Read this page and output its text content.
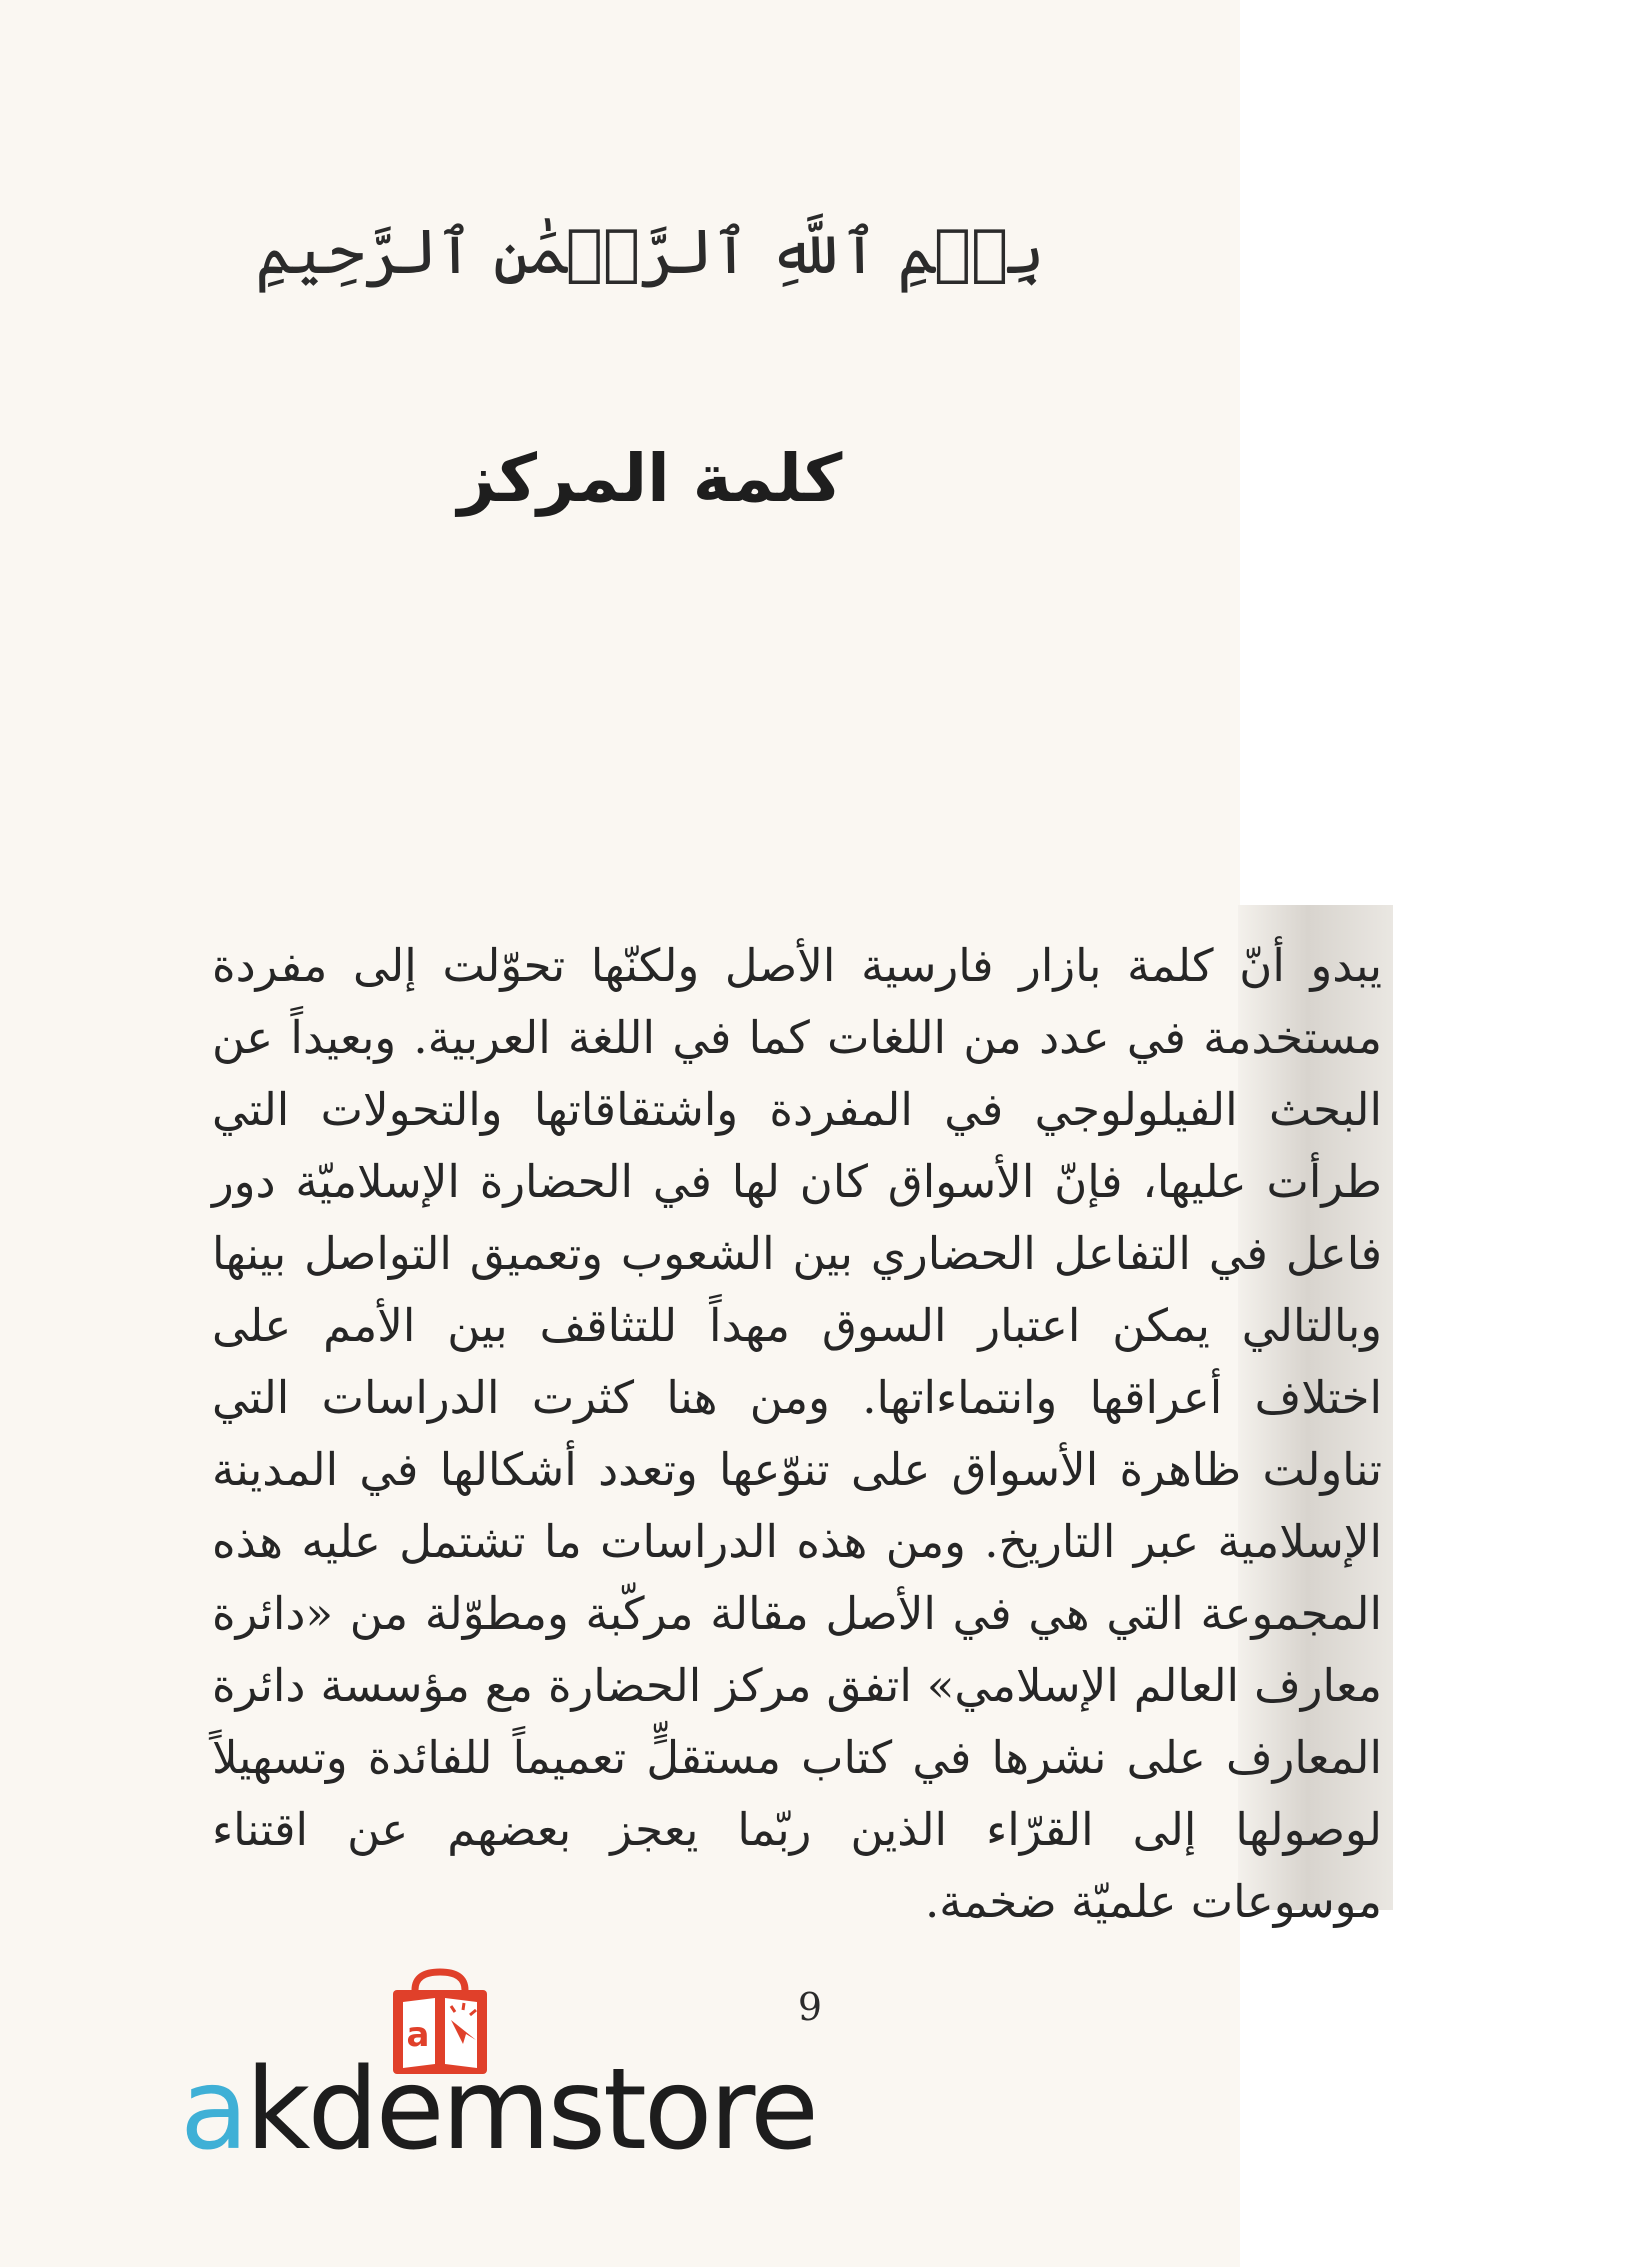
بِسۡمِ ٱللَّهِ ٱلرَّحۡمَٰنِ ٱلرَّحِيمِ
كلمة المركز

يبدو أنّ كلمة بازار فارسية الأصل ولكنّها تحوّلت إلى مفردة مستخدمة في عدد من اللغات كما في اللغة العربية. وبعيداً عن البحث الفيلولوجي في المفردة واشتقاقاتها والتحولات التي طرأت عليها، فإنّ الأسواق كان لها في الحضارة الإسلاميّة دور فاعل في التفاعل الحضاري بين الشعوب وتعميق التواصل بينها وبالتالي يمكن اعتبار السوق مهداً للتثاقف بين الأمم على اختلاف أعراقها وانتماءاتها. ومن هنا كثرت الدراسات التي تناولت ظاهرة الأسواق على تنوّعها وتعدد أشكالها في المدينة الإسلامية عبر التاريخ. ومن هذه الدراسات ما تشتمل عليه هذه المجموعة التي هي في الأصل مقالة مركّبة ومطوّلة من «دائرة معارف العالم الإسلامي» اتفق مركز الحضارة مع مؤسسة دائرة المعارف على نشرها في كتاب مستقلٍّ تعميماً للفائدة وتسهيلاً لوصولها إلى القرّاء الذين ربّما يعجز بعضهم عن اقتناء موسوعات علميّة ضخمة.

9
a
akdemstore
